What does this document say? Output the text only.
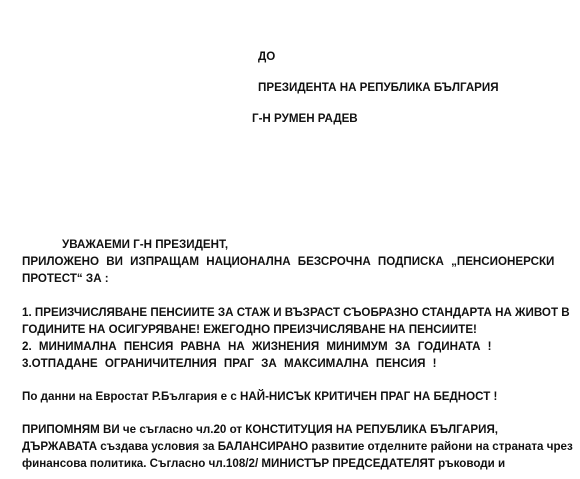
ДО
ПРЕЗИДЕНТА НА РЕПУБЛИКА БЪЛГАРИЯ
Г-Н РУМЕН РАДЕВ
УВАЖАЕМИ Г-Н ПРЕЗИДЕНТ,
ПРИЛОЖЕНО ВИ ИЗПРАЩАМ НАЦИОНАЛНА БЕЗСРОЧНА ПОДПИСКА „ПЕНСИОНЕРСКИ
ПРОТЕСТ“ ЗА :
1. ПРЕИЗЧИСЛЯВАНЕ ПЕНСИИТЕ ЗА СТАЖ И ВЪЗРАСТ СЪОБРАЗНО СТАНДАРТА НА ЖИВОТ В
ГОДИНИТЕ НА ОСИГУРЯВАНЕ! ЕЖЕГОДНО ПРЕИЗЧИСЛЯВАНЕ НА ПЕНСИИТЕ!
2. МИНИМАЛНА ПЕНСИЯ РАВНА НА ЖИЗНЕНИЯ МИНИМУМ ЗА ГОДИНАТА !
3.ОТПАДАНЕ ОГРАНИЧИТЕЛНИЯ ПРАГ ЗА МАКСИМАЛНА ПЕНСИЯ !
По данни на Евростат Р.България е с НАЙ-НИСЪК КРИТИЧЕН ПРАГ НА БЕДНОСТ !
ПРИПОМНЯМ ВИ че съгласно чл.20 от КОНСТИТУЦИЯ НА РЕПУБЛИКА БЪЛГАРИЯ,
ДЪРЖАВАТА създава условия за БАЛАНСИРАНО развитие отделните райони на страната чрез
финансова политика. Съгласно чл.108/2/ МИНИСТЪР ПРЕДСЕДАТЕЛЯТ ръководи и
